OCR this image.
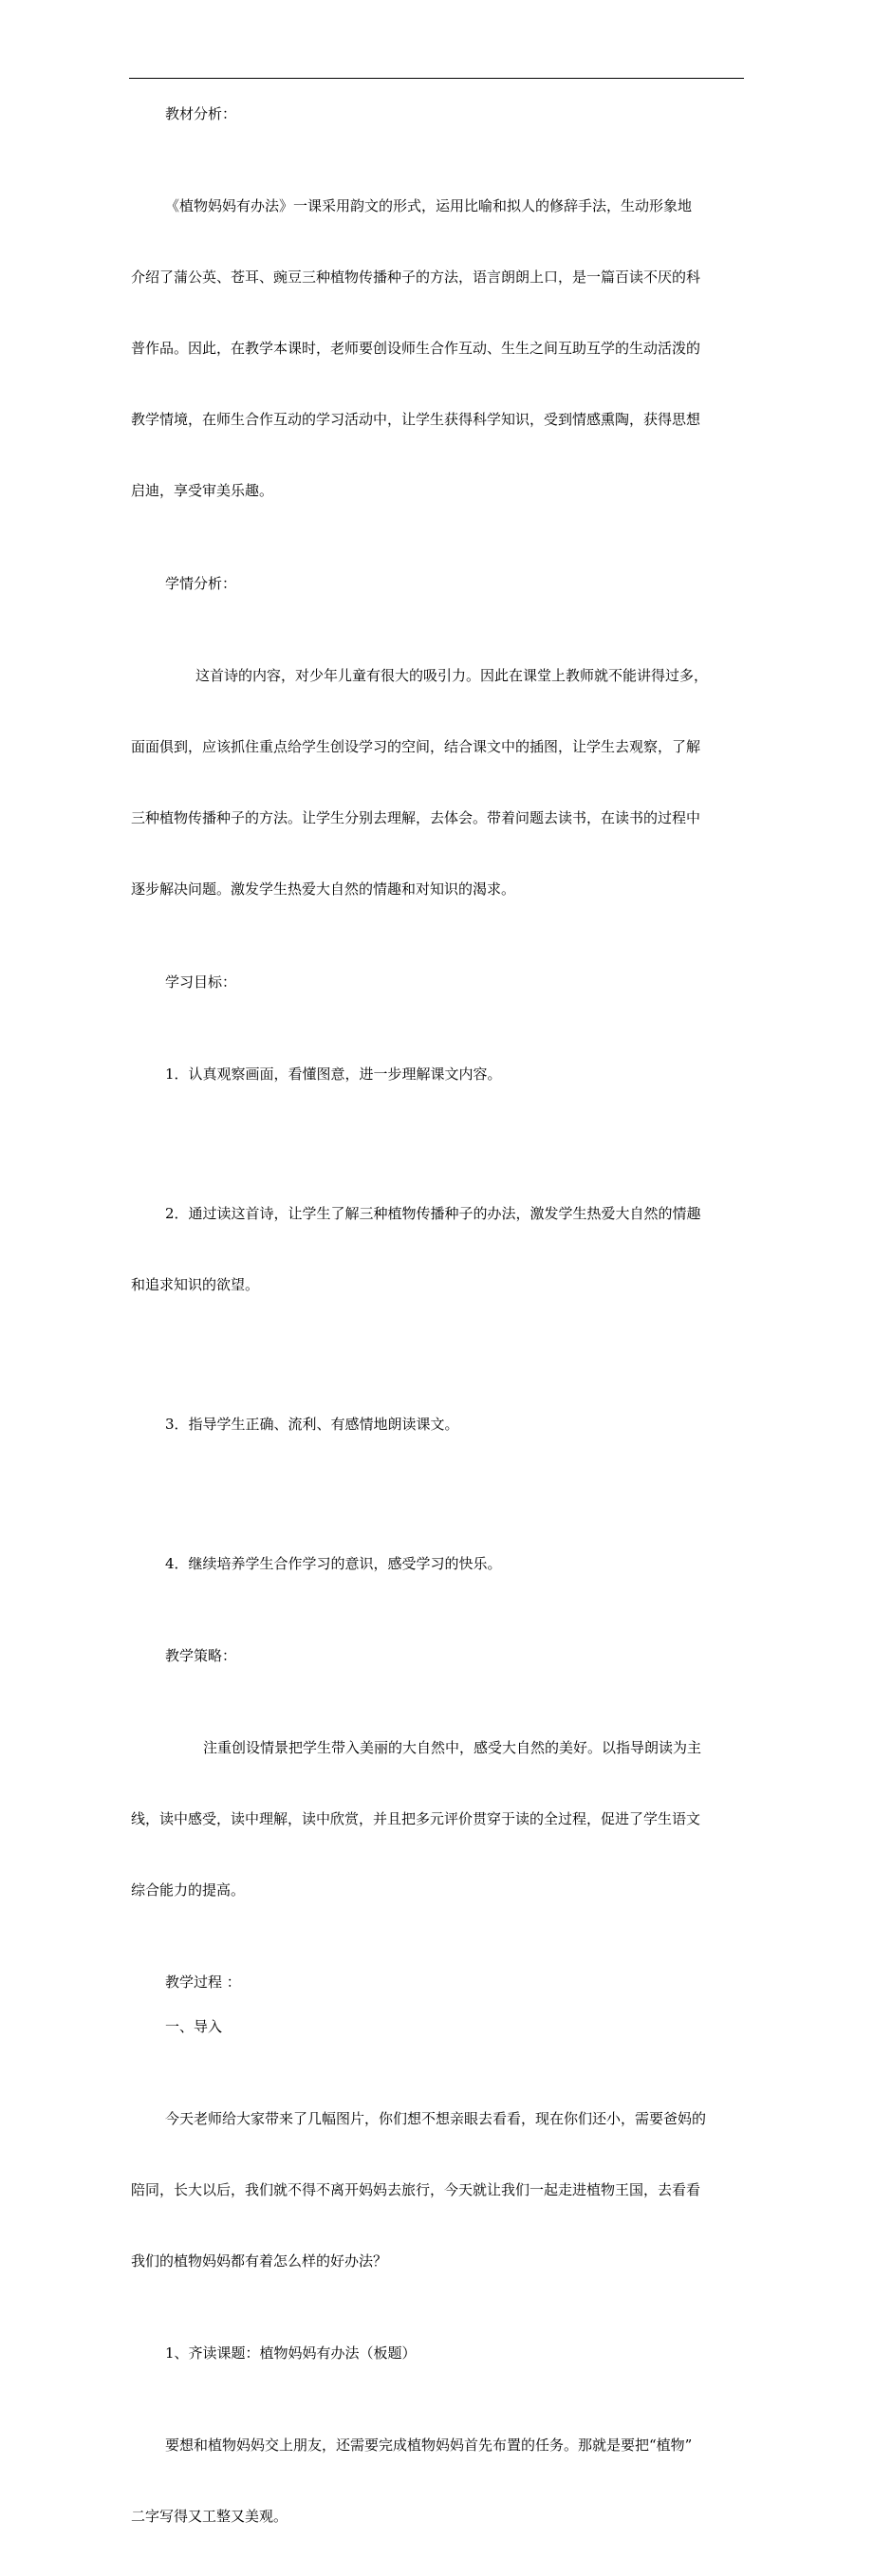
教材分析：

《植物妈妈有办法》一课采用韵文的形式，运用比喻和拟人的修辞手法，生动形象地

介绍了蒲公英、苍耳、豌豆三种植物传播种子的方法，语言朗朗上口，是一篇百读不厌的科

普作品。因此，在教学本课时，老师要创设师生合作互动、生生之间互助互学的生动活泼的

教学情境，在师生合作互动的学习活动中，让学生获得科学知识，受到情感熏陶，获得思想

启迪，享受审美乐趣。

学情分析：

这首诗的内容，对少年儿童有很大的吸引力。因此在课堂上教师就不能讲得过多，

面面俱到，应该抓住重点给学生创设学习的空间，结合课文中的插图，让学生去观察，了解

三种植物传播种子的方法。让学生分别去理解，去体会。带着问题去读书，在读书的过程中

逐步解决问题。激发学生热爱大自然的情趣和对知识的渴求。

学习目标：

1．认真观察画面，看懂图意，进一步理解课文内容。

2．通过读这首诗，让学生了解三种植物传播种子的办法，激发学生热爱大自然的情趣

和追求知识的欲望。

3．指导学生正确、流利、有感情地朗读课文。

4．继续培养学生合作学习的意识，感受学习的快乐。

教学策略：

注重创设情景把学生带入美丽的大自然中，感受大自然的美好。以指导朗读为主

线，读中感受，读中理解，读中欣赏，并且把多元评价贯穿于读的全过程，促进了学生语文

综合能力的提高。

教学过程 ：

一、导入

今天老师给大家带来了几幅图片，你们想不想亲眼去看看，现在你们还小，需要爸妈的

陪同，长大以后，我们就不得不离开妈妈去旅行，今天就让我们一起走进植物王国，去看看

我们的植物妈妈都有着怎么样的好办法？

1、齐读课题：植物妈妈有办法（板题）

要想和植物妈妈交上朋友，还需要完成植物妈妈首先布置的任务。那就是要把“植物”

二字写得又工整又美观。
